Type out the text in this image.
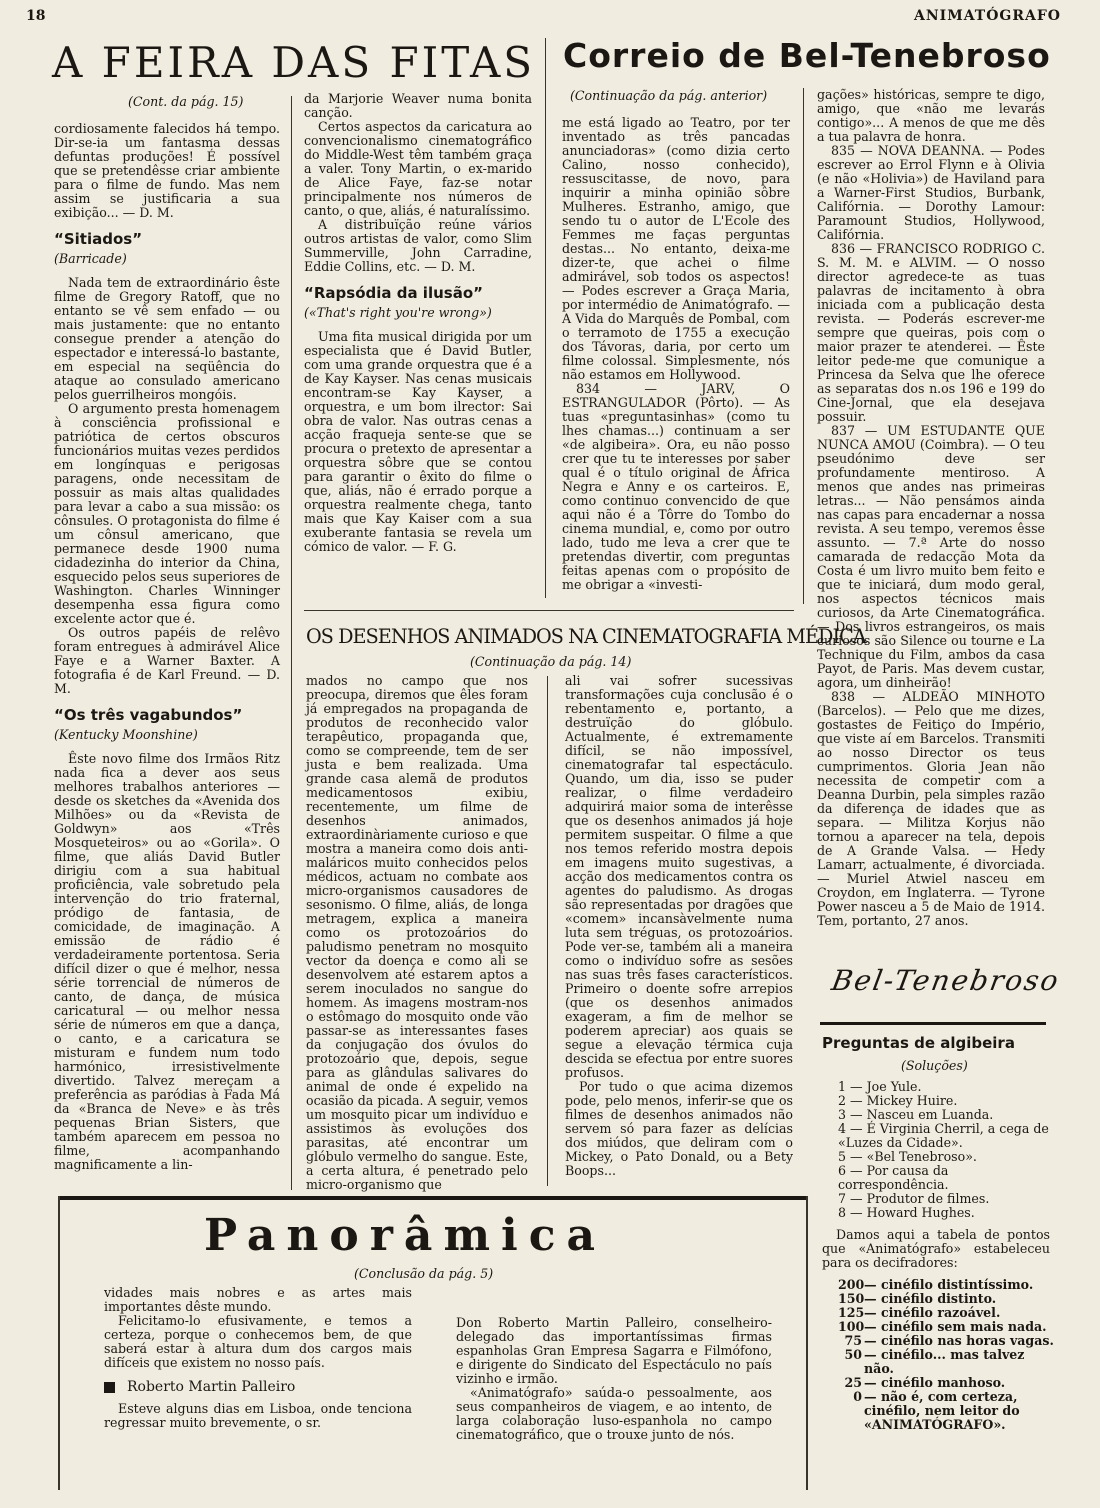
18	ANIMATÓGRAFO
A FEIRA DAS FITAS
(Cont. da pág. 15)

cordiosamente falecidos há tempo. Dir-se-ia um fantasma dessas defuntas produções! É possível que se pretendêsse criar ambiente para o filme de fundo. Mas nem assim se justificaria a sua exibição... — D. M.

“Sitiados”
(Barricade)

Nada tem de extraordinário êste filme de Gregory Ratoff, que no entanto se vê sem enfado — ou mais justamente: que no entanto consegue prender a atenção do espectador e interessá-lo bastante, em especial na seqüência do ataque ao consulado americano pelos guerrilheiros mongóis.

O argumento presta homenagem à consciência profissional e patriótica de certos obscuros funcionários muitas vezes perdidos em longínquas e perigosas paragens, onde necessitam de possuir as mais altas qualidades para levar a cabo a sua missão: os cônsules. O protagonista do filme é um cônsul americano, que permanece desde 1900 numa cidadezinha do interior da China, esquecido pelos seus superiores de Washington. Charles Winninger desempenha essa figura como excelente actor que é.

Os outros papéis de relêvo foram entregues à admirável Alice Faye e a Warner Baxter. A fotografia é de Karl Freund. — D. M.

“Os três vagabundos”
(Kentucky Moonshine)

Êste novo filme dos Irmãos Ritz nada fica a dever aos seus melhores trabalhos anteriores — desde os sketches da «Avenida dos Milhões» ou da «Revista de Goldwyn» aos «Três Mosqueteiros» ou ao «Gorila». O filme, que aliás David Butler dirigiu com a sua habitual proficiência, vale sobretudo pela intervenção do trio fraternal, pródigo de fantasia, de comicidade, de imaginação. A emissão de rádio é verdadeiramente portentosa. Seria difícil dizer o que é melhor, nessa série torrencial de números de canto, de dança, de música caricatural — ou melhor nessa série de números em que a dança, o canto, e a caricatura se misturam e fundem num todo harmónico, irresistivelmente divertido. Talvez mereçam a preferência as paródias à Fada Má da «Branca de Neve» e às três pequenas Brian Sisters, que também aparecem em pessoa no filme, acompanhando magnificamente a lin-

da Marjorie Weaver numa bonita canção.

Certos aspectos da caricatura ao convencionalismo cinematográfico do Middle-West têm também graça a valer. Tony Martin, o ex-marido de Alice Faye, faz-se notar principalmente nos números de canto, o que, aliás, é naturalíssimo.

A distribuïção reúne vários outros artistas de valor, como Slim Summerville, John Carradine, Eddie Collins, etc. — D. M.

“Rapsódia da ilusão”
(«That's right you're wrong»)

Uma fita musical dirigida por um especialista que é David Butler, com uma grande orquestra que é a de Kay Kayser. Nas cenas musicais encontram-se Kay Kayser, a orquestra, e um bom ilrector: Sai obra de valor. Nas outras cenas a acção fraqueja sente-se que se procura o pretexto de apresentar a orquestra sôbre que se contou para garantir o êxito do filme o que, aliás, não é errado porque a orquestra realmente chega, tanto mais que Kay Kaiser com a sua exuberante fantasia se revela um cómico de valor. — F. G.

Correio de Bel-Tenebroso
(Continuação da pág. anterior)

me está ligado ao Teatro, por ter inventado as três pancadas anunciadoras» (como dizia certo Calino, nosso conhecido), ressuscitasse, de novo, para inquirir a minha opinião sôbre Mulheres. Estranho, amigo, que sendo tu o autor de L'Ecole des Femmes me faças perguntas destas... No entanto, deixa-me dizer-te, que achei o filme admirável, sob todos os aspectos! — Podes escrever a Graça Maria, por intermédio de Animatógrafo. — A Vida do Marquês de Pombal, com o terramoto de 1755 a execução dos Távoras, daria, por certo um filme colossal. Simplesmente, nós não estamos em Hollywood.

834 — JARV, O ESTRANGULADOR (Pôrto). — As tuas «preguntasinhas» (como tu lhes chamas...) continuam a ser «de algibeira». Ora, eu não posso crer que tu te interesses por saber qual é o título original de África Negra e Anny e os carteiros. E, como continuo convencido de que aqui não é a Tôrre do Tombo do cinema mundial, e, como por outro lado, tudo me leva a crer que te pretendas divertir, com preguntas feitas apenas com o propósito de me obrigar a «investi-

gações» históricas, sempre te digo, amigo, que «não me levarás contigo»... A menos de que me dês a tua palavra de honra.

835 — NOVA DEANNA. — Podes escrever ao Errol Flynn e à Olivia (e não «Holivia») de Haviland para a Warner-First Studios, Burbank, Califórnia. — Dorothy Lamour: Paramount Studios, Hollywood, Califórnia.

836 — FRANCISCO RODRIGO C. S. M. M. e ALVIM. — O nosso director agredece-te as tuas palavras de incitamento à obra iniciada com a publicação desta revista. — Poderás escrever-me sempre que queiras, pois com o maior prazer te atenderei. — Êste leitor pede-me que comunique a Princesa da Selva que lhe oferece as separatas dos n.os 196 e 199 do Cine-Jornal, que ela desejava possuir.

837 — UM ESTUDANTE QUE NUNCA AMOU (Coimbra). — O teu pseudónimo deve ser profundamente mentiroso. A menos que andes nas primeiras letras... — Não pensámos ainda nas capas para encadernar a nossa revista. A seu tempo, veremos êsse assunto. — 7.ª Arte do nosso camarada de redacção Mota da Costa é um livro muito bem feito e que te iniciará, dum modo geral, nos aspectos técnicos mais curiosos, da Arte Cinematográfica. — Dos livros estrangeiros, os mais curiosos são Silence ou tourne e La Technique du Film, ambos da casa Payot, de Paris. Mas devem custar, agora, um dinheirão!

838 — ALDEÃO MINHOTO (Barcelos). — Pelo que me dizes, gostastes de Feitiço do Império, que viste aí em Barcelos. Transmiti ao nosso Director os teus cumprimentos. Gloria Jean não necessita de competir com a Deanna Durbin, pela simples razão da diferença de idades que as separa. — Militza Korjus não tornou a aparecer na tela, depois de A Grande Valsa. — Hedy Lamarr, actualmente, é divorciada. — Muriel Atwiel nasceu em Croydon, em Inglaterra. — Tyrone Power nasceu a 5 de Maio de 1914. Tem, portanto, 27 anos.

Bel-Tenebroso
OS DESENHOS ANIMADOS NA CINEMATOGRAFIA MÉDICA
(Continuação da pág. 14)

mados no campo que nos preocupa, diremos que êles foram já empregados na propaganda de produtos de reconhecido valor terapêutico, propaganda que, como se compreende, tem de ser justa e bem realizada. Uma grande casa alemã de produtos medicamentosos exibiu, recentemente, um filme de desenhos animados, extraordinàriamente curioso e que mostra a maneira como dois anti-maláricos muito conhecidos pelos médicos, actuam no combate aos micro-organismos causadores de sesonismo. O filme, aliás, de longa metragem, explica a maneira como os protozoários do paludismo penetram no mosquito vector da doença e como ali se desenvolvem até estarem aptos a serem inoculados no sangue do homem. As imagens mostram-nos o estômago do mosquito onde vão passar-se as interessantes fases da conjugação dos óvulos do protozoário que, depois, segue para as glândulas salivares do animal de onde é expelido na ocasião da picada. A seguir, vemos um mosquito picar um indivíduo e assistimos às evoluções dos parasitas, até encontrar um glóbulo vermelho do sangue. Este, a certa altura, é penetrado pelo micro-organismo que

ali vai sofrer sucessivas transformações cuja conclusão é o rebentamento e, portanto, a destruïção do glóbulo. Actualmente, é extremamente difícil, se não impossível, cinematografar tal espectáculo. Quando, um dia, isso se puder realizar, o filme verdadeiro adquirirá maior soma de interêsse que os desenhos animados já hoje permitem suspeitar. O filme a que nos temos referido mostra depois em imagens muito sugestivas, a acção dos medicamentos contra os agentes do paludismo. As drogas são representadas por dragões que «comem» incansàvelmente numa luta sem tréguas, os protozoários. Pode ver-se, também ali a maneira como o indivíduo sofre as sesões nas suas três fases característicos. Primeiro o doente sofre arrepios (que os desenhos animados exageram, a fim de melhor se poderem apreciar) aos quais se segue a elevação térmica cuja descida se efectua por entre suores profusos.

Por tudo o que acima dizemos pode, pelo menos, inferir-se que os filmes de desenhos animados não servem só para fazer as delícias dos miúdos, que deliram com o Mickey, o Pato Donald, ou a Bety Boops...

Panorâmica
(Conclusão da pág. 5)

vidades mais nobres e as artes mais importantes dêste mundo.

Felicitamo-lo efusivamente, e temos a certeza, porque o conhecemos bem, de que saberá estar à altura dum dos cargos mais difíceis que existem no nosso país.

Roberto Martin Palleiro

Esteve alguns dias em Lisboa, onde tenciona regressar muito brevemente, o sr.

Don Roberto Martin Palleiro, conselheiro-delegado das importantíssimas firmas espanholas Gran Empresa Sagarra e Filmófono, e dirigente do Sindicato del Espectáculo no país vizinho e irmão.

«Animatógrafo» saúda-o pessoalmente, aos seus companheiros de viagem, e ao intento, de larga colaboração luso-espanhola no campo cinematográfico, que o trouxe junto de nós.

Preguntas de algibeira
(Soluções)
1 — Joe Yule.
2 — Mickey Huire.
3 — Nasceu em Luanda.
4 — É Virginia Cherril, a cega de «Luzes da Cidade».
5 — «Bel Tenebroso».
6 — Por causa da correspondência.
7 — Produtor de filmes.
8 — Howard Hughes.

Damos aqui a tabela de pontos que «Animatógrafo» estabeleceu para os decifradores:

200 — cinéfilo distintíssimo.
150 — cinéfilo distinto.
125 — cinéfilo razoável.
100 — cinéfilo sem mais nada.
75 — cinéfilo nas horas vagas.
50 — cinéfilo... mas talvez não.
25 — cinéfilo manhoso.
0 — não é, com certeza, cinéfilo, nem leitor do «ANIMATÓGRAFO».
